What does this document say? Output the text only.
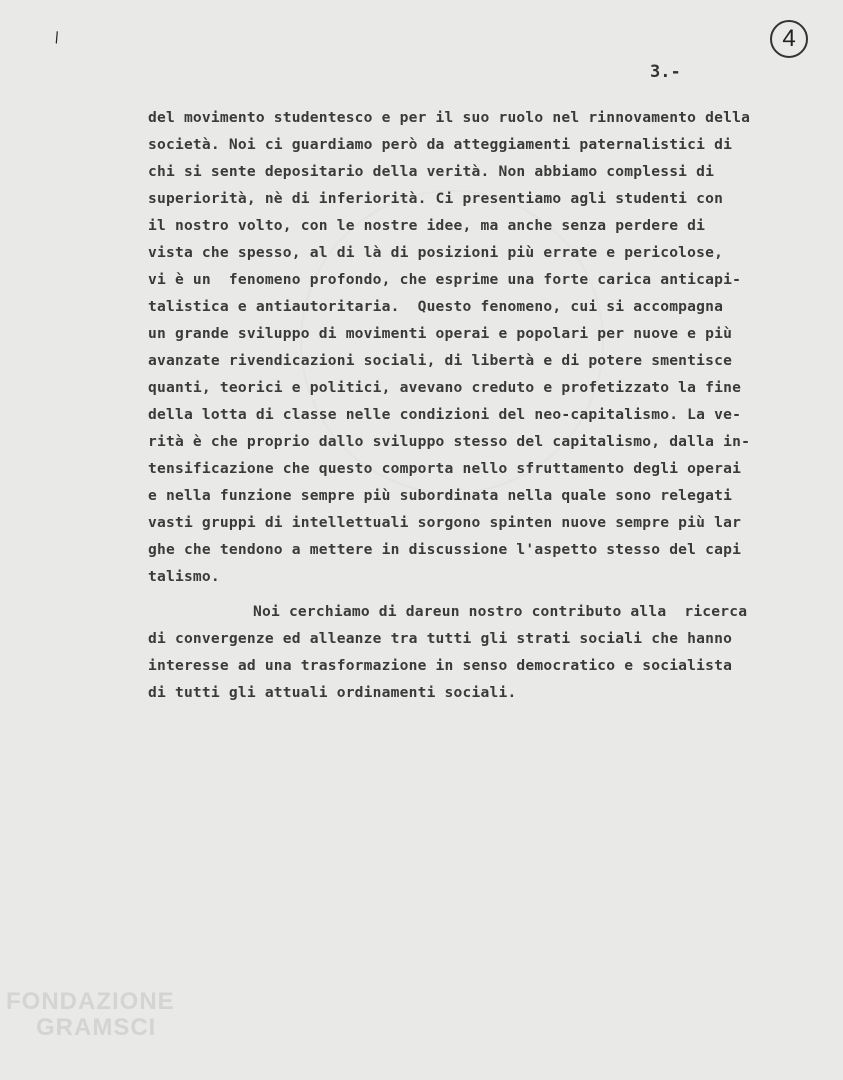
\	4
3.-
del movimento studentesco e per il suo ruolo nel rinnovamento della
società. Noi ci guardiamo però da atteggiamenti paternalistici di
chi si sente depositario della verità. Non abbiamo complessi di
superiorità, nè di inferiorità. Ci presentiamo agli studenti con
il nostro volto, con le nostre idee, ma anche senza perdere di
vista che spesso, al di là di posizioni più errate e pericolose,
vi è un  fenomeno profondo, che esprime una forte carica anticapi-
talistica e antiautoritaria.  Questo fenomeno, cui si accompagna
un grande sviluppo di movimenti operai e popolari per nuove e più
avanzate rivendicazioni sociali, di libertà e di potere smentisce
quanti, teorici e politici, avevano creduto e profetizzato la fine
della lotta di classe nelle condizioni del neo-capitalismo. La ve-
rità è che proprio dallo sviluppo stesso del capitalismo, dalla in-
tensificazione che questo comporta nello sfruttamento degli operai
e nella funzione sempre più subordinata nella quale sono relegati
vasti gruppi di intellettuali sorgono spinten nuove sempre più lar
ghe che tendono a mettere in discussione l'aspetto stesso del capi
talismo.
Noi cerchiamo di dareun nostro contributo alla  ricerca
di convergenze ed alleanze tra tutti gli strati sociali che hanno
interesse ad una trasformazione in senso democratico e socialista
di tutti gli attuali ordinamenti sociali.
FONDAZIONE
GRAMSCI
